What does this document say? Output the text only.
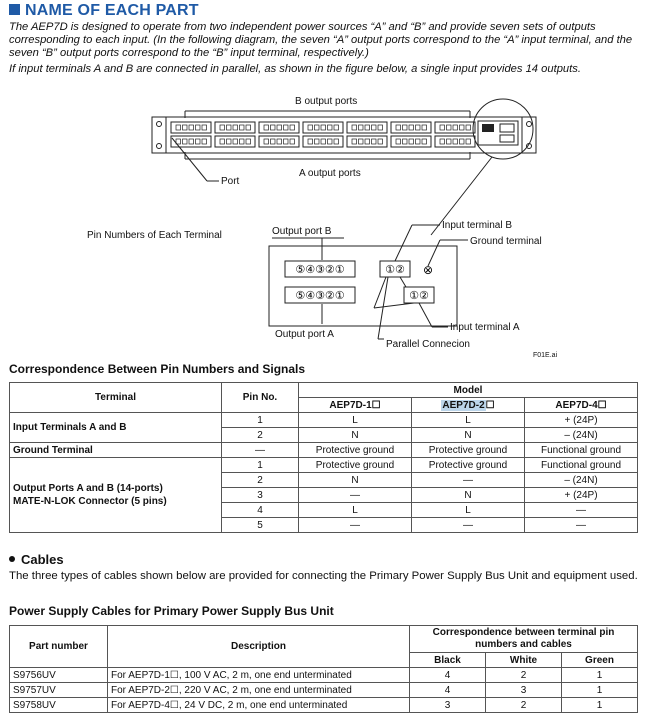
NAME OF EACH PART

The AEP7D is designed to operate from two independent power sources “A” and “B” and provide seven sets of outputs corresponding to each input. (In the following diagram, the seven “A” output ports correspond to the “A” input terminal, and the seven “B” output ports correspond to the “B” input terminal, respectively.)

If input terminals A and B are connected in parallel, as shown in the figure below, a single input provides 14 outputs.

B output ports
A output ports
Port
Pin Numbers of Each Terminal	Output port B
Output port A
⑤④③②①
⑤④③②①
①② ⊗
①②
Parallel Connecion
Input terminal B
Ground terminal
Input terminal A
F01E.ai
Correspondence Between Pin Numbers and Signals
Terminal	Pin No.	Model		
		AEP7D-1☐	AEP7D-2☐	AEP7D-4☐
Input Terminals A and B	1	L	L	+ (24P)
	2	N	N	– (24N)
Ground Terminal	—	Protective ground	Protective ground	Functional ground

Output Ports A and B (14-ports)
MATE-N-LOK Connector (5 pins)	1	Protective ground	Protective ground	Functional ground
	2	N	—	– (24N)
	3	—	N	+ (24P)
	4	L	L	—
	5	—	—	—
Cables
The three types of cables shown below are provided for connecting the Primary Power Supply Bus Unit and equipment used.
Power Supply Cables for Primary Power Supply Bus Unit
Part number	Description	Correspondence between terminal pin numbers and cables		
		Black	White	Green
S9756UV	For AEP7D-1☐, 100 V AC, 2 m, one end unterminated	4	2	1
S9757UV	For AEP7D-2☐, 220 V AC, 2 m, one end unterminated	4	3	1
S9758UV	For AEP7D-4☐, 24 V DC, 2 m, one end unterminated	3	2	1
